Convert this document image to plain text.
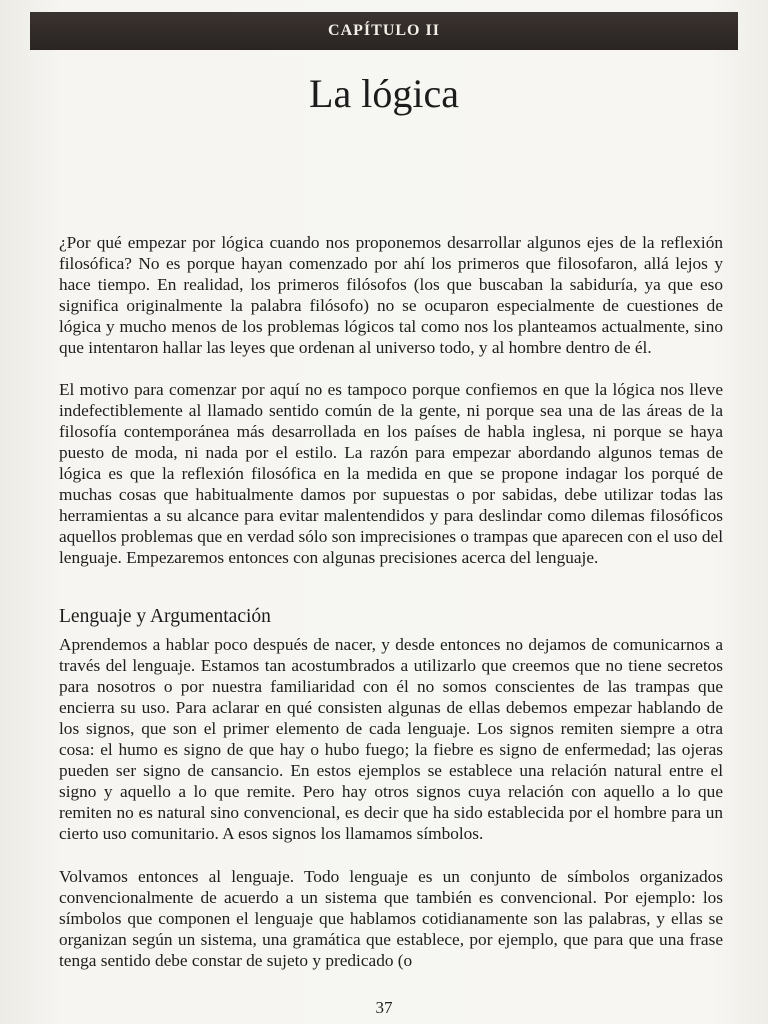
CAPÍTULO II
La lógica

¿Por qué empezar por lógica cuando nos proponemos desarrollar algunos ejes de la reflexión filosófica? No es porque hayan comenzado por ahí los primeros que filosofaron, allá lejos y hace tiempo. En realidad, los primeros filósofos (los que buscaban la sabiduría, ya que eso significa originalmente la palabra filósofo) no se ocuparon especialmente de cuestiones de lógica y mucho menos de los problemas lógicos tal como nos los planteamos actualmente, sino que intentaron hallar las leyes que ordenan al universo todo, y al hombre dentro de él.

El motivo para comenzar por aquí no es tampoco porque confiemos en que la lógica nos lleve indefectiblemente al llamado sentido común de la gente, ni porque sea una de las áreas de la filosofía contemporánea más desarrollada en los países de habla inglesa, ni porque se haya puesto de moda, ni nada por el estilo. La razón para empezar abordando algunos temas de lógica es que la reflexión filosófica en la medida en que se propone indagar los porqué de muchas cosas que habitualmente damos por supuestas o por sabidas, debe utilizar todas las herramientas a su alcance para evitar malentendidos y para deslindar como dilemas filosóficos aquellos problemas que en verdad sólo son imprecisiones o trampas que aparecen con el uso del lenguaje. Empezaremos entonces con algunas precisiones acerca del lenguaje.

Lenguaje y Argumentación

Aprendemos a hablar poco después de nacer, y desde entonces no dejamos de comunicarnos a través del lenguaje. Estamos tan acostumbrados a utilizarlo que creemos que no tiene secretos para nosotros o por nuestra familiaridad con él no somos conscientes de las trampas que encierra su uso. Para aclarar en qué consisten algunas de ellas debemos empezar hablando de los signos, que son el primer elemento de cada lenguaje. Los signos remiten siempre a otra cosa: el humo es signo de que hay o hubo fuego; la fiebre es signo de enfermedad; las ojeras pueden ser signo de cansancio. En estos ejemplos se establece una relación natural entre el signo y aquello a lo que remite. Pero hay otros signos cuya relación con aquello a lo que remiten no es natural sino convencional, es decir que ha sido establecida por el hombre para un cierto uso comunitario. A esos signos los llamamos símbolos.

Volvamos entonces al lenguaje. Todo lenguaje es un conjunto de símbolos organizados convencionalmente de acuerdo a un sistema que también es convencional. Por ejemplo: los símbolos que componen el lenguaje que hablamos cotidianamente son las palabras, y ellas se organizan según un sistema, una gramática que establece, por ejemplo, que para que una frase tenga sentido debe constar de sujeto y predicado (o

37
